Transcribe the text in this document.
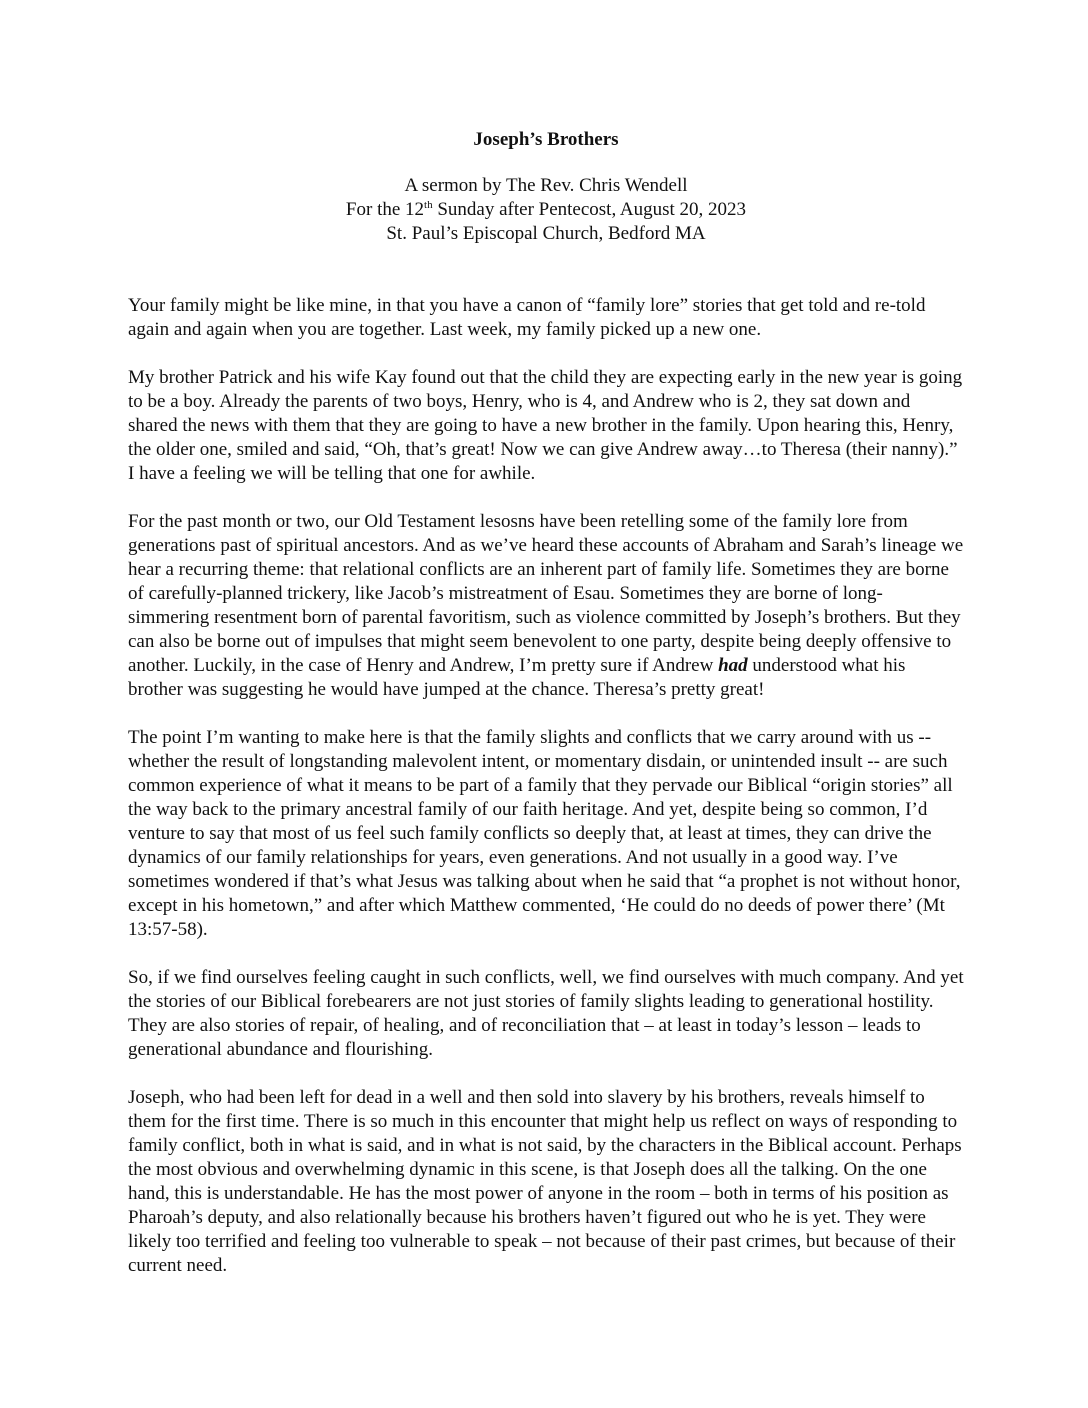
Joseph’s Brothers
A sermon by The Rev. Chris Wendell
For the 12th Sunday after Pentecost, August 20, 2023
St. Paul’s Episcopal Church, Bedford MA

Your family might be like mine, in that you have a canon of “family lore” stories that get told and re-told again and again when you are together. Last week, my family picked up a new one.

My brother Patrick and his wife Kay found out that the child they are expecting early in the new year is going to be a boy. Already the parents of two boys, Henry, who is 4, and Andrew who is 2, they sat down and shared the news with them that they are going to have a new brother in the family. Upon hearing this, Henry, the older one, smiled and said, “Oh, that’s great! Now we can give Andrew away…to Theresa (their nanny).” I have a feeling we will be telling that one for awhile.

For the past month or two, our Old Testament lesosns have been retelling some of the family lore from generations past of spiritual ancestors. And as we’ve heard these accounts of Abraham and Sarah’s lineage we hear a recurring theme: that relational conflicts are an inherent part of family life. Sometimes they are borne of carefully-planned trickery, like Jacob’s mistreatment of Esau. Sometimes they are borne of long-simmering resentment born of parental favoritism, such as violence committed by Joseph’s brothers. But they can also be borne out of impulses that might seem benevolent to one party, despite being deeply offensive to another. Luckily, in the case of Henry and Andrew, I’m pretty sure if Andrew had understood what his brother was suggesting he would have jumped at the chance. Theresa’s pretty great!

The point I’m wanting to make here is that the family slights and conflicts that we carry around with us -- whether the result of longstanding malevolent intent, or momentary disdain, or unintended insult -- are such common experience of what it means to be part of a family that they pervade our Biblical “origin stories” all the way back to the primary ancestral family of our faith heritage. And yet, despite being so common, I’d venture to say that most of us feel such family conflicts so deeply that, at least at times, they can drive the dynamics of our family relationships for years, even generations. And not usually in a good way. I’ve sometimes wondered if that’s what Jesus was talking about when he said that “a prophet is not without honor, except in his hometown,” and after which Matthew commented, ‘He could do no deeds of power there’ (Mt 13:57-58).

So, if we find ourselves feeling caught in such conflicts, well, we find ourselves with much company. And yet the stories of our Biblical forebearers are not just stories of family slights leading to generational hostility. They are also stories of repair, of healing, and of reconciliation that – at least in today’s lesson – leads to generational abundance and flourishing.

Joseph, who had been left for dead in a well and then sold into slavery by his brothers, reveals himself to them for the first time. There is so much in this encounter that might help us reflect on ways of responding to family conflict, both in what is said, and in what is not said, by the characters in the Biblical account. Perhaps the most obvious and overwhelming dynamic in this scene, is that Joseph does all the talking. On the one hand, this is understandable. He has the most power of anyone in the room – both in terms of his position as Pharoah’s deputy, and also relationally because his brothers haven’t figured out who he is yet. They were likely too terrified and feeling too vulnerable to speak – not because of their past crimes, but because of their current need.
